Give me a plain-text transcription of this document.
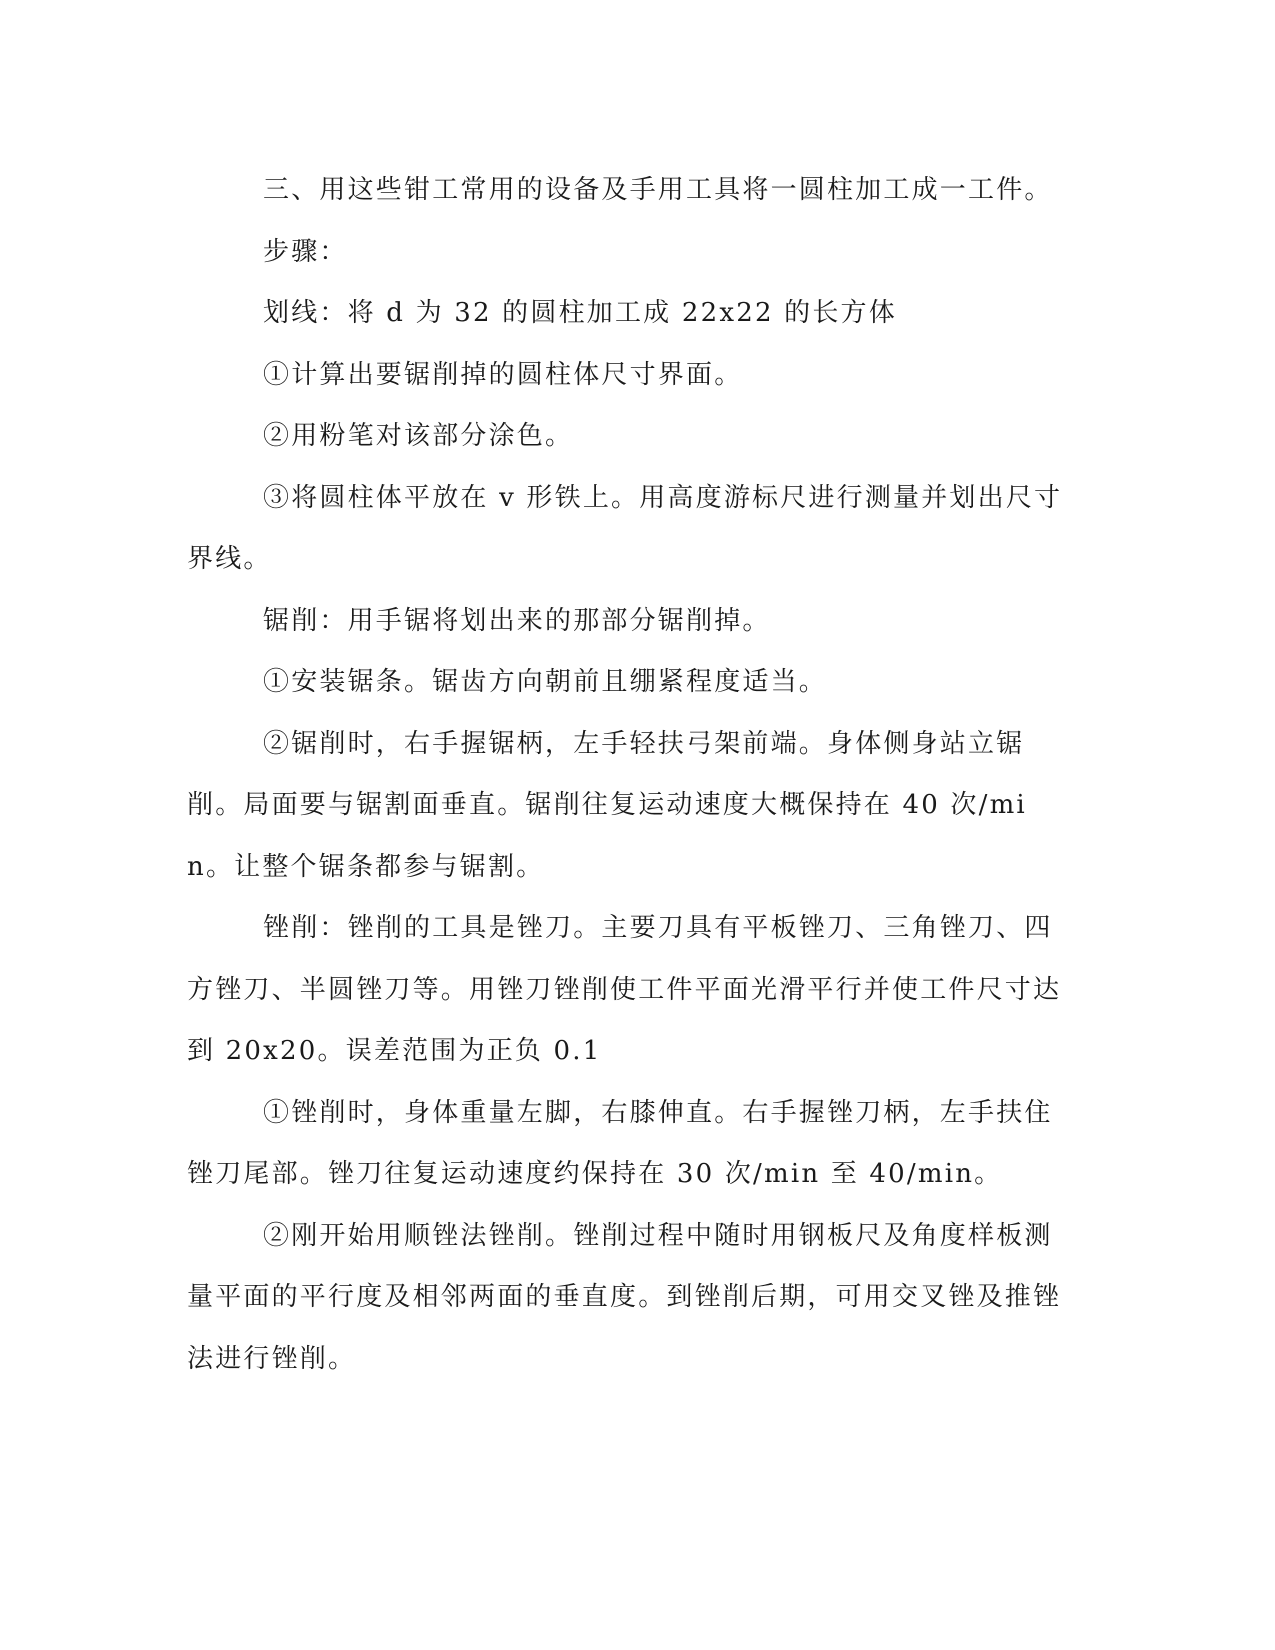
三、用这些钳工常用的设备及手用工具将一圆柱加工成一工件。

步骤：

划线：将 d 为 32 的圆柱加工成 22x22 的长方体

①计算出要锯削掉的圆柱体尺寸界面。

②用粉笔对该部分涂色。

③将圆柱体平放在 v 形铁上。用高度游标尺进行测量并划出尺寸界线。

锯削：用手锯将划出来的那部分锯削掉。

①安装锯条。锯齿方向朝前且绷紧程度适当。

②锯削时，右手握锯柄，左手轻扶弓架前端。身体侧身站立锯削。局面要与锯割面垂直。锯削往复运动速度大概保持在 40 次/min。让整个锯条都参与锯割。

锉削：锉削的工具是锉刀。主要刀具有平板锉刀、三角锉刀、四方锉刀、半圆锉刀等。用锉刀锉削使工件平面光滑平行并使工件尺寸达到 20x20。误差范围为正负 0.1

①锉削时，身体重量左脚，右膝伸直。右手握锉刀柄，左手扶住锉刀尾部。锉刀往复运动速度约保持在 30 次/min 至 40/min。

②刚开始用顺锉法锉削。锉削过程中随时用钢板尺及角度样板测量平面的平行度及相邻两面的垂直度。到锉削后期，可用交叉锉及推锉法进行锉削。
